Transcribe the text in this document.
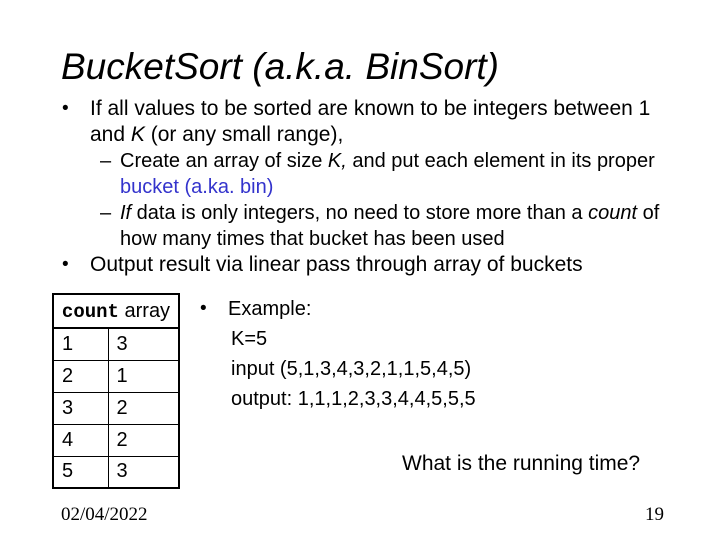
BucketSort (a.k.a. BinSort)
•	If all values to be sorted are known to be integers between 1
and K (or any small range),
– Create an array of size K, and put each element in its proper
bucket (a.ka. bin)
– If data is only integers, no need to store more than a count of
how many times that bucket has been used
•	Output result via linear pass through array of buckets
count array	
1	3
2	1
3	2
4	2
5	3
•	Example:
K=5
input (5,1,3,4,3,2,1,1,5,4,5)
output: 1,1,1,2,3,3,4,4,5,5,5
What is the running time?
02/04/2022	19
